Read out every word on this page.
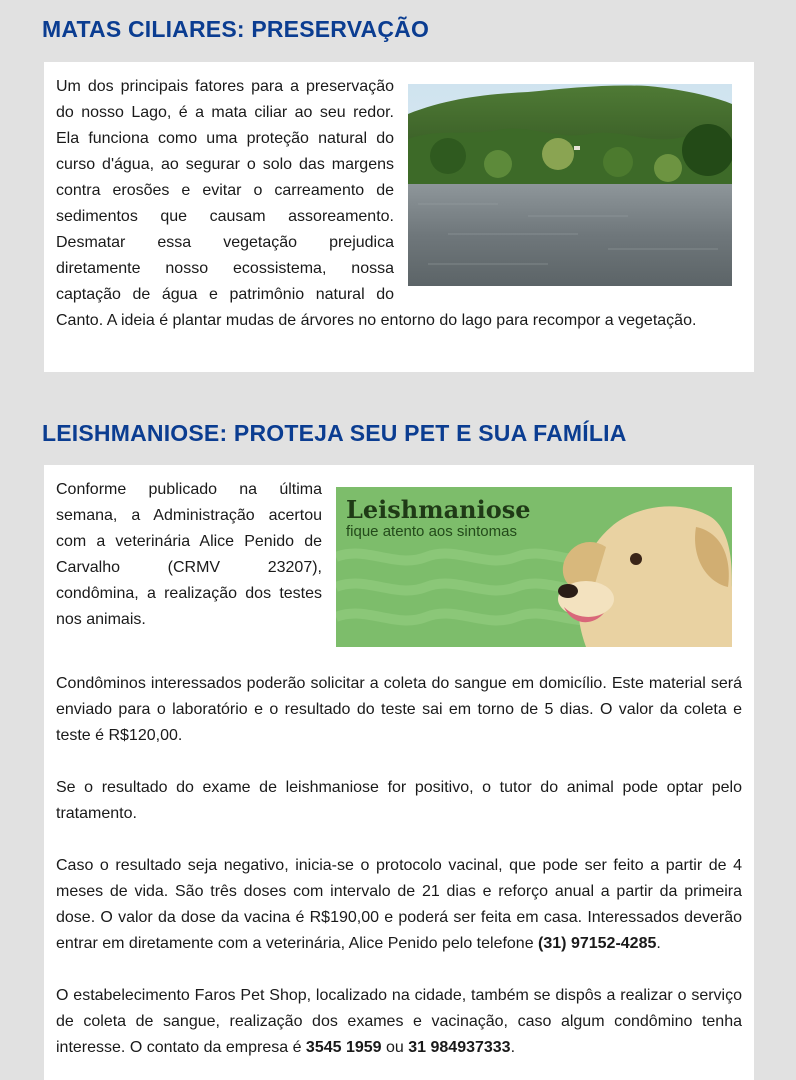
MATAS CILIARES: PRESERVAÇÃO

Um dos principais fatores para a preservação do nosso Lago, é a mata ciliar ao seu redor. Ela funciona como uma proteção natural do curso d'água, ao segurar o solo das margens contra erosões e evitar o carreamento de sedimentos que causam assoreamento. Desmatar essa vegetação prejudica diretamente nosso ecossistema, nossa captação de água e patrimônio natural do Canto. A ideia é plantar mudas de árvores no entorno do lago para recompor a vegetação.

LEISHMANIOSE: PROTEJA SEU PET E SUA FAMÍLIA
Leishmaniose
fique atento aos sintomas

Conforme publicado na última semana, a Administração acertou com a veterinária Alice Penido de Carvalho (CRMV 23207), condômina, a realização dos testes nos animais.

Condôminos interessados poderão solicitar a coleta do sangue em domicílio. Este material será enviado para o laboratório e o resultado do teste sai em torno de 5 dias. O valor da coleta e teste é R$120,00.

Se o resultado do exame de leishmaniose for positivo, o tutor do animal pode optar pelo tratamento.

Caso o resultado seja negativo, inicia-se o protocolo vacinal, que pode ser feito a partir de 4 meses de vida. São três doses com intervalo de 21 dias e reforço anual a partir da primeira dose. O valor da dose da vacina é R$190,00 e poderá ser feita em casa. Interessados deverão entrar em diretamente com a veterinária, Alice Penido pelo telefone (31) 97152-4285.

O estabelecimento Faros Pet Shop, localizado na cidade, também se dispôs a realizar o serviço de coleta de sangue, realização dos exames e vacinação, caso algum condômino tenha interesse. O contato da empresa é 3545 1959 ou 31 984937333.
